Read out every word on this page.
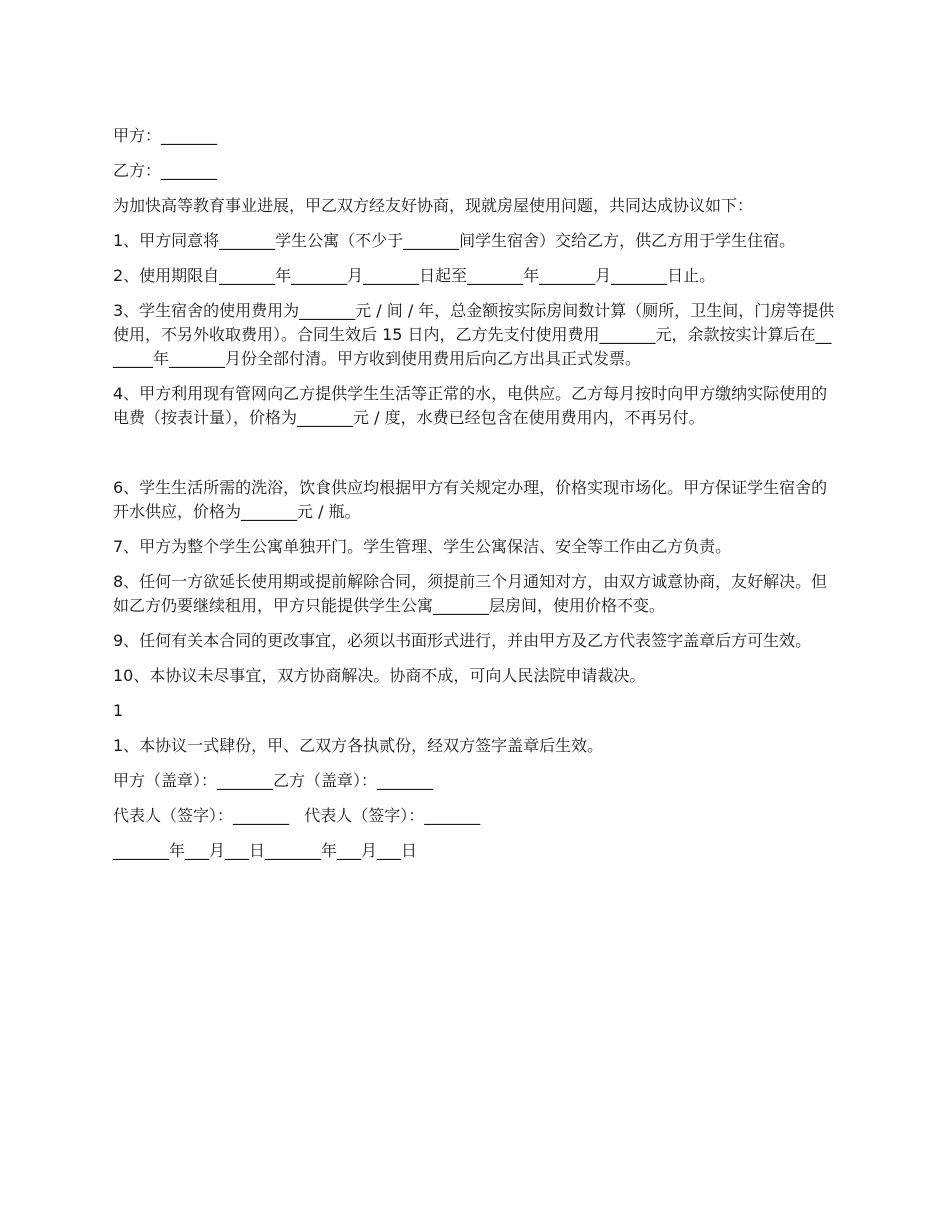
甲方：_______

乙方：_______

为加快高等教育事业进展，甲乙双方经友好协商，现就房屋使用问题，共同达成协议如下：

1、甲方同意将_______学生公寓（不少于_______间学生宿舍）交给乙方，供乙方用于学生住宿。

2、使用期限自_______年_______月_______日起至_______年_______月_______日止。

3、学生宿舍的使用费用为_______元 / 间 / 年，总金额按实际房间数计算（厕所，卫生间，门房等提供使用，不另外收取费用）。合同生效后 15 日内，乙方先支付使用费用_______元，余款按实计算后在_______年_______月份全部付清。甲方收到使用费用后向乙方出具正式发票。

4、甲方利用现有管网向乙方提供学生生活等正常的水，电供应。乙方每月按时向甲方缴纳实际使用的电费（按表计量），价格为_______元 / 度，水费已经包含在使用费用内，不再另付。

6、学生生活所需的洗浴，饮食供应均根据甲方有关规定办理，价格实现市场化。甲方保证学生宿舍的开水供应，价格为_______元 / 瓶。

7、甲方为整个学生公寓单独开门。学生管理、学生公寓保洁、安全等工作由乙方负责。

8、任何一方欲延长使用期或提前解除合同，须提前三个月通知对方，由双方诚意协商，友好解决。但如乙方仍要继续租用，甲方只能提供学生公寓_______层房间，使用价格不变。

9、任何有关本合同的更改事宜，必须以书面形式进行，并由甲方及乙方代表签字盖章后方可生效。

10、本协议未尽事宜，双方协商解决。协商不成，可向人民法院申请裁决。

1

1、本协议一式肆份，甲、乙双方各执贰份，经双方签字盖章后生效。

甲方（盖章）：_______乙方（盖章）：_______

代表人（签字）：_______   代表人（签字）：_______

_______年___月___日_______年___月___日
